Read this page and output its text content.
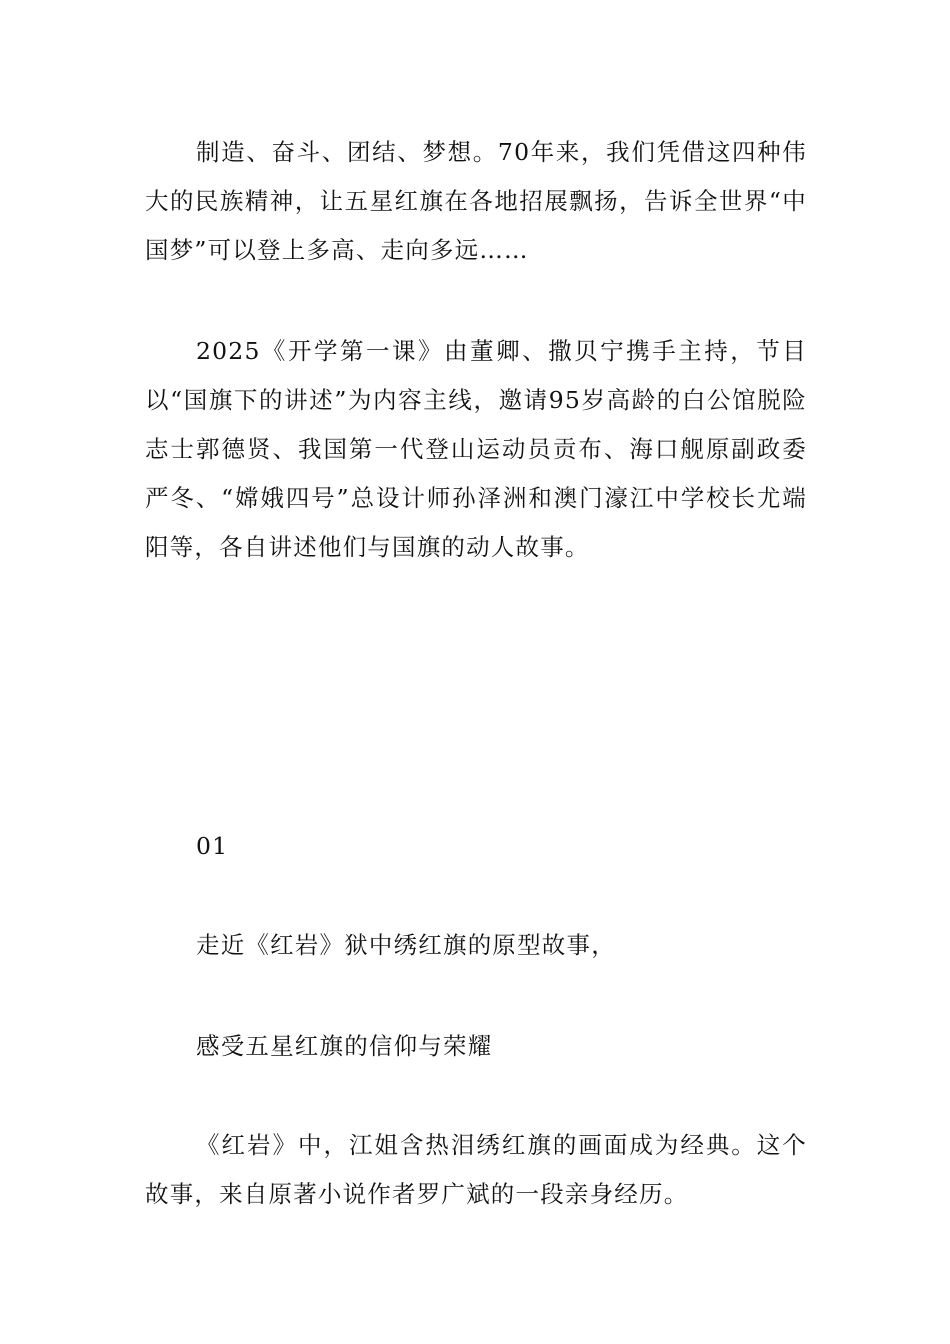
制造、奋斗、团结、梦想。70年来，我们凭借这四种伟大的民族精神，让五星红旗在各地招展飘扬，告诉全世界“中国梦”可以登上多高、走向多远……

2025《开学第一课》由董卿、撒贝宁携手主持，节目以“国旗下的讲述”为内容主线，邀请95岁高龄的白公馆脱险志士郭德贤、我国第一代登山运动员贡布、海口舰原副政委严冬、“嫦娥四号”总设计师孙泽洲和澳门濠江中学校长尤端阳等，各自讲述他们与国旗的动人故事。

01

走近《红岩》狱中绣红旗的原型故事，

感受五星红旗的信仰与荣耀

《红岩》中，江姐含热泪绣红旗的画面成为经典。这个故事，来自原著小说作者罗广斌的一段亲身经历。
